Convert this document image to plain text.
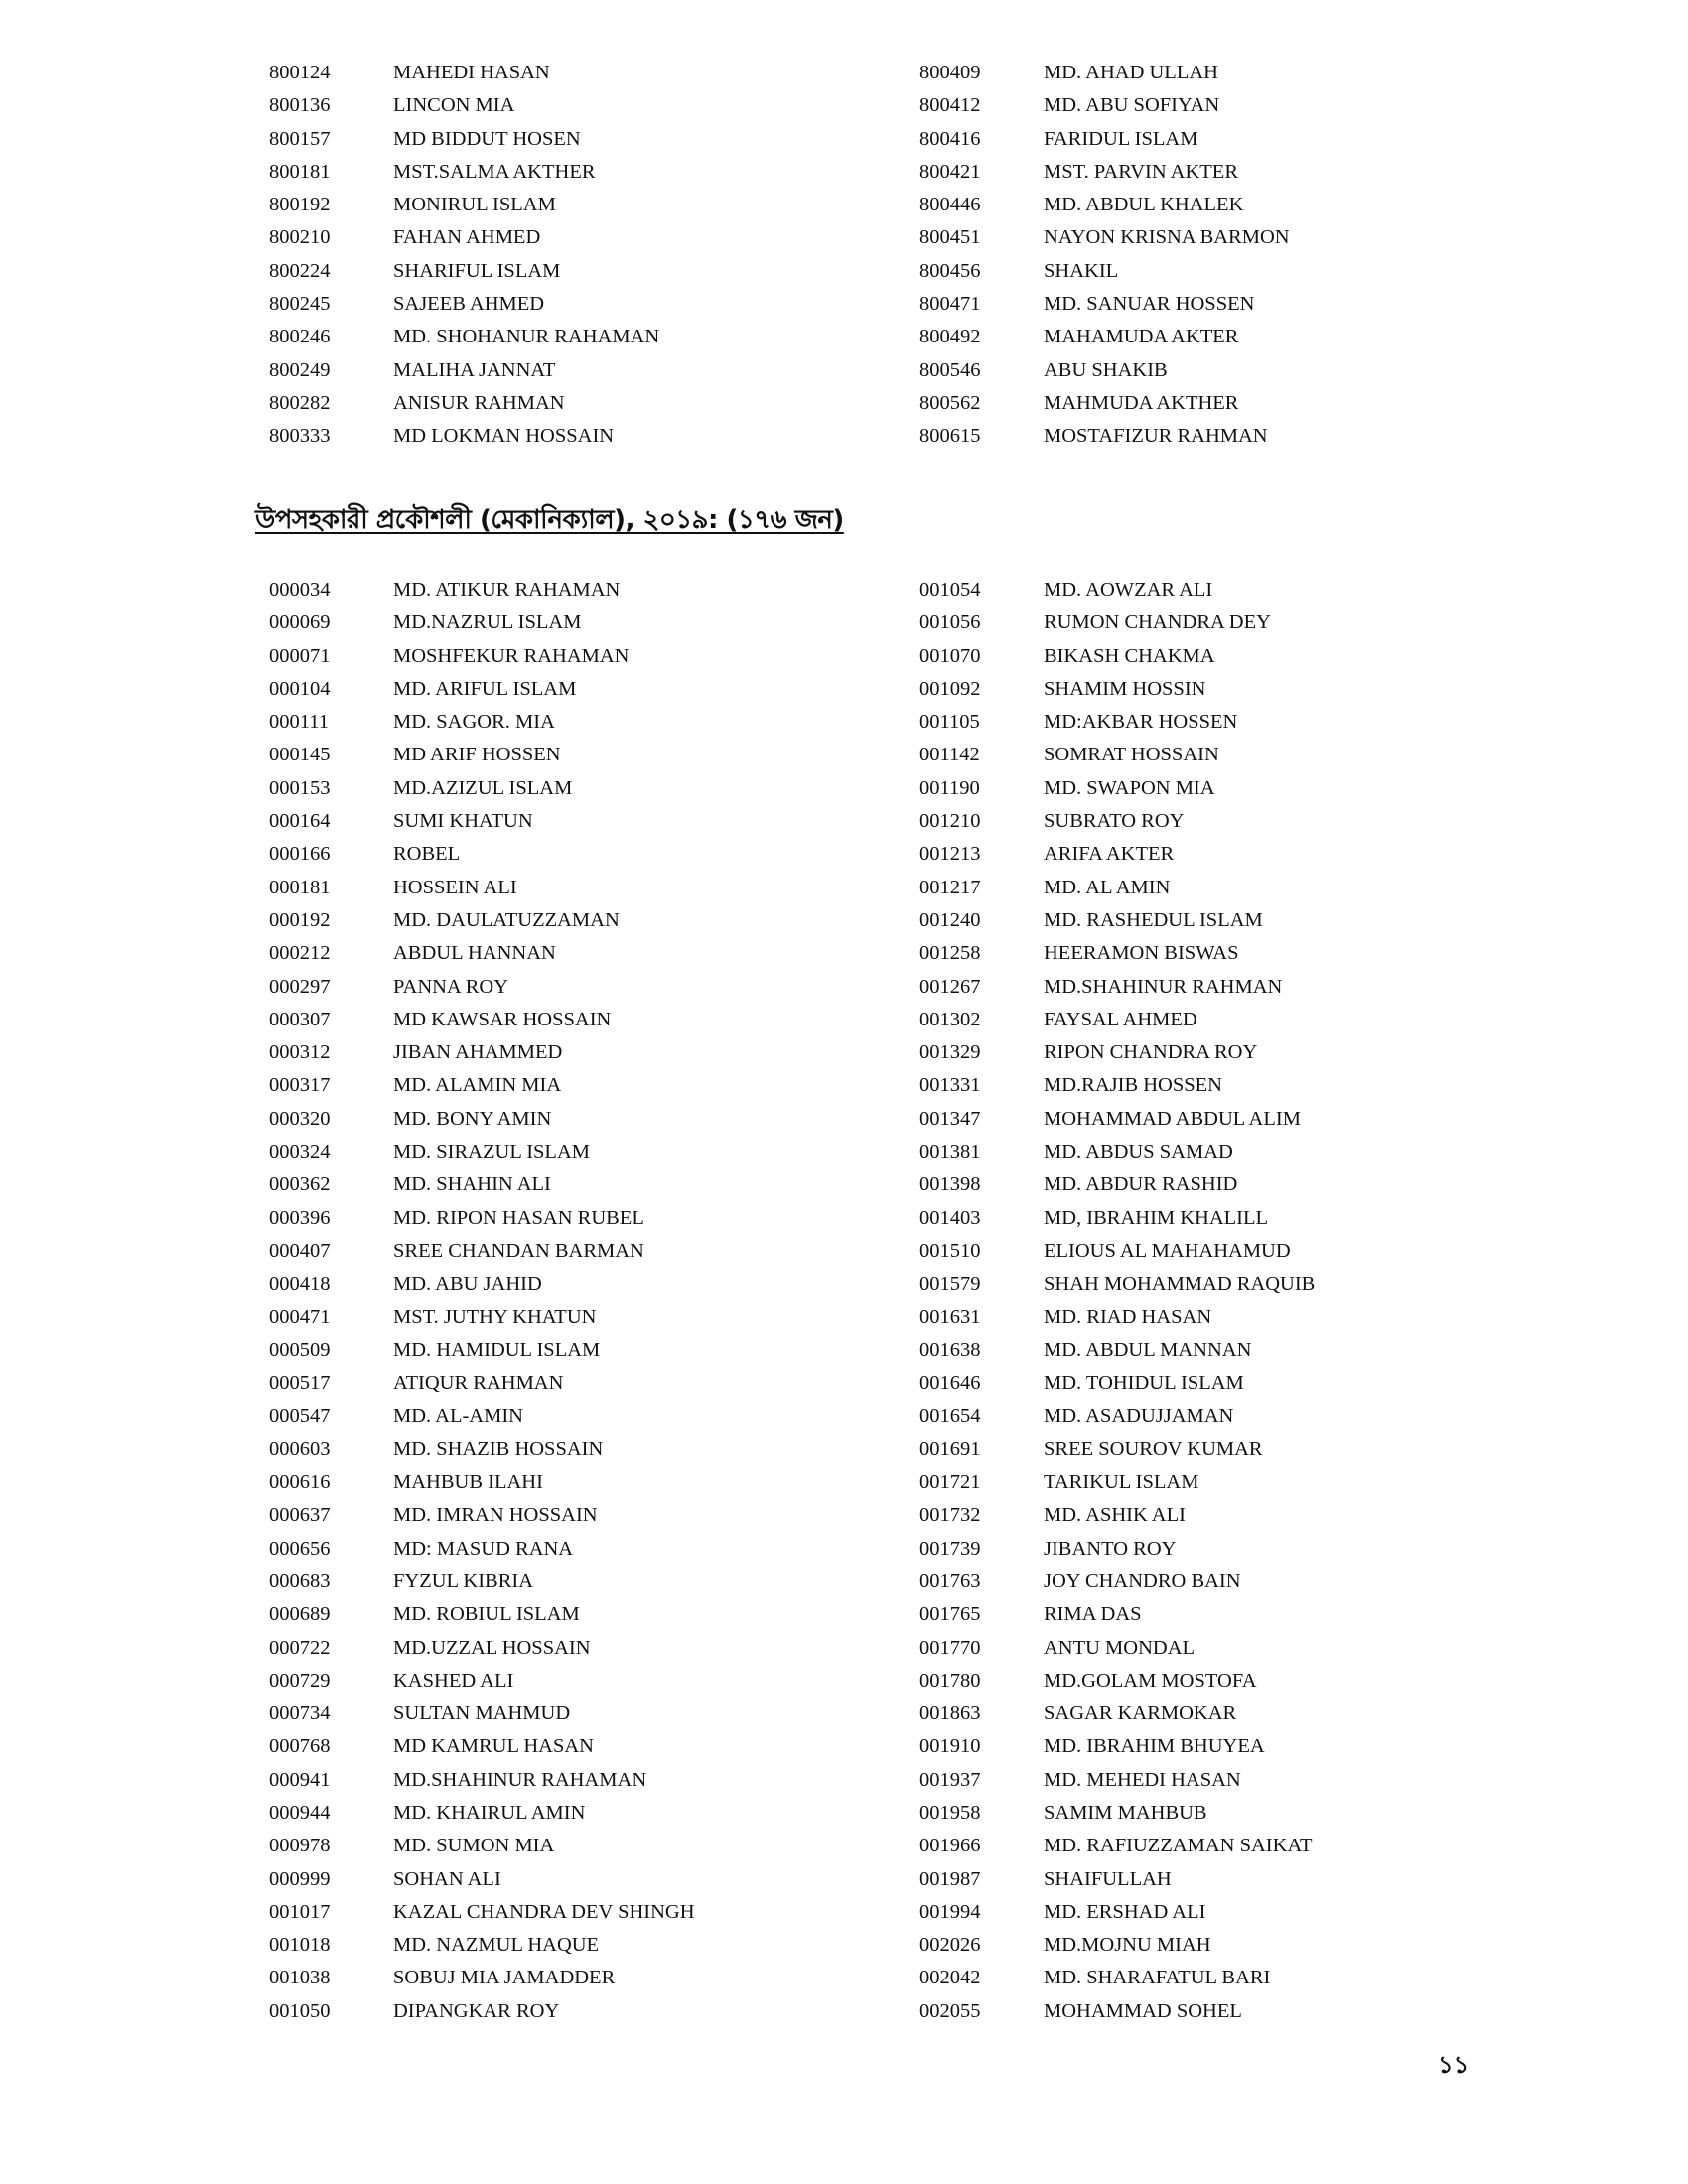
800124	MAHEDI HASAN
800136	LINCON MIA
800157	MD BIDDUT HOSEN
800181	MST.SALMA AKTHER
800192	MONIRUL ISLAM
800210	FAHAN AHMED
800224	SHARIFUL ISLAM
800245	SAJEEB AHMED
800246	MD. SHOHANUR RAHAMAN
800249	MALIHA JANNAT
800282	ANISUR RAHMAN
800333	MD LOKMAN HOSSAIN
800409	MD. AHAD ULLAH
800412	MD. ABU SOFIYAN
800416	FARIDUL ISLAM
800421	MST. PARVIN AKTER
800446	MD. ABDUL KHALEK
800451	NAYON KRISNA BARMON
800456	SHAKIL
800471	MD. SANUAR HOSSEN
800492	MAHAMUDA AKTER
800546	ABU SHAKIB
800562	MAHMUDA AKTHER
800615	MOSTAFIZUR RAHMAN
উপসহকারী প্রকৌশলী (মেকানিক্যাল), ২০১৯: (১৭৬ জন)
000034	MD. ATIKUR RAHAMAN
000069	MD.NAZRUL ISLAM
000071	MOSHFEKUR RAHAMAN
000104	MD. ARIFUL ISLAM
000111	MD. SAGOR. MIA
000145	MD ARIF HOSSEN
000153	MD.AZIZUL ISLAM
000164	SUMI KHATUN
000166	ROBEL
000181	HOSSEIN ALI
000192	MD. DAULATUZZAMAN
000212	ABDUL HANNAN
000297	PANNA ROY
000307	MD KAWSAR HOSSAIN
000312	JIBAN AHAMMED
000317	MD. ALAMIN MIA
000320	MD. BONY AMIN
000324	MD. SIRAZUL ISLAM
000362	MD. SHAHIN ALI
000396	MD. RIPON HASAN RUBEL
000407	SREE CHANDAN BARMAN
000418	MD. ABU JAHID
000471	MST. JUTHY KHATUN
000509	MD. HAMIDUL ISLAM
000517	ATIQUR RAHMAN
000547	MD. AL-AMIN
000603	MD. SHAZIB HOSSAIN
000616	MAHBUB ILAHI
000637	MD. IMRAN HOSSAIN
000656	MD: MASUD RANA
000683	FYZUL KIBRIA
000689	MD. ROBIUL ISLAM
000722	MD.UZZAL HOSSAIN
000729	KASHED ALI
000734	SULTAN MAHMUD
000768	MD KAMRUL HASAN
000941	MD.SHAHINUR RAHAMAN
000944	MD. KHAIRUL AMIN
000978	MD. SUMON MIA
000999	SOHAN ALI
001017	KAZAL CHANDRA DEV SHINGH
001018	MD. NAZMUL HAQUE
001038	SOBUJ MIA JAMADDER
001050	DIPANGKAR ROY
001054	MD. AOWZAR ALI
001056	RUMON CHANDRA DEY
001070	BIKASH CHAKMA
001092	SHAMIM HOSSIN
001105	MD:AKBAR HOSSEN
001142	SOMRAT HOSSAIN
001190	MD. SWAPON MIA
001210	SUBRATO ROY
001213	ARIFA AKTER
001217	MD. AL AMIN
001240	MD. RASHEDUL ISLAM
001258	HEERAMON BISWAS
001267	MD.SHAHINUR RAHMAN
001302	FAYSAL AHMED
001329	RIPON CHANDRA ROY
001331	MD.RAJIB HOSSEN
001347	MOHAMMAD ABDUL ALIM
001381	MD. ABDUS SAMAD
001398	MD. ABDUR RASHID
001403	MD, IBRAHIM KHALILL
001510	ELIOUS AL MAHAHAMUD
001579	SHAH MOHAMMAD RAQUIB
001631	MD. RIAD HASAN
001638	MD. ABDUL MANNAN
001646	MD. TOHIDUL ISLAM
001654	MD. ASADUJJAMAN
001691	SREE SOUROV KUMAR
001721	TARIKUL ISLAM
001732	MD. ASHIK ALI
001739	JIBANTO ROY
001763	JOY CHANDRO BAIN
001765	RIMA DAS
001770	ANTU MONDAL
001780	MD.GOLAM MOSTOFA
001863	SAGAR KARMOKAR
001910	MD. IBRAHIM BHUYEA
001937	MD. MEHEDI HASAN
001958	SAMIM MAHBUB
001966	MD. RAFIUZZAMAN SAIKAT
001987	SHAIFULLAH
001994	MD. ERSHAD ALI
002026	MD.MOJNU MIAH
002042	MD. SHARAFATUL BARI
002055	MOHAMMAD SOHEL
১১
